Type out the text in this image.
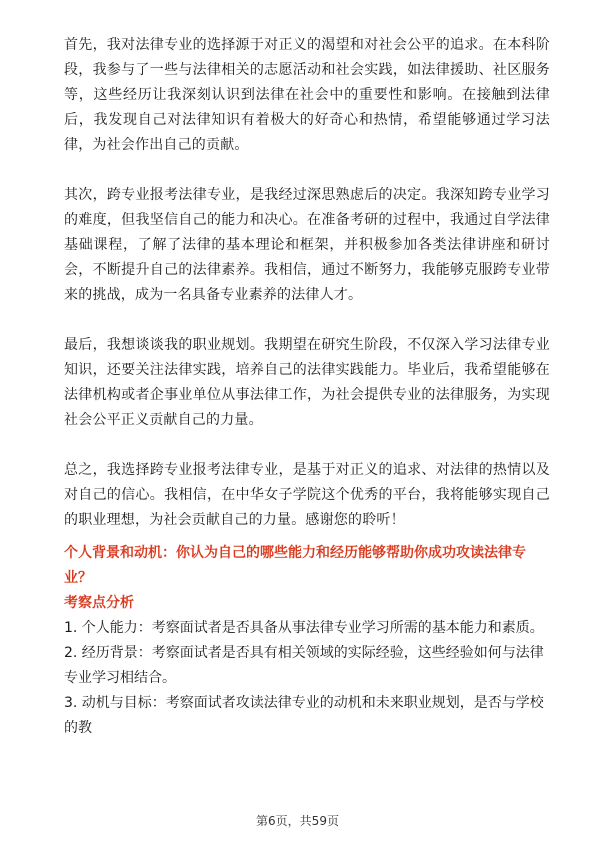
首先，我对法律专业的选择源于对正义的渴望和对社会公平的追求。在本科阶段，我参与了一些与法律相关的志愿活动和社会实践，如法律援助、社区服务等，这些经历让我深刻认识到法律在社会中的重要性和影响。在接触到法律后，我发现自己对法律知识有着极大的好奇心和热情，希望能够通过学习法律，为社会作出自己的贡献。

其次，跨专业报考法律专业，是我经过深思熟虑后的决定。我深知跨专业学习的难度，但我坚信自己的能力和决心。在准备考研的过程中，我通过自学法律基础课程，了解了法律的基本理论和框架，并积极参加各类法律讲座和研讨会，不断提升自己的法律素养。我相信，通过不断努力，我能够克服跨专业带来的挑战，成为一名具备专业素养的法律人才。

最后，我想谈谈我的职业规划。我期望在研究生阶段，不仅深入学习法律专业知识，还要关注法律实践，培养自己的法律实践能力。毕业后，我希望能够在法律机构或者企事业单位从事法律工作，为社会提供专业的法律服务，为实现社会公平正义贡献自己的力量。

总之，我选择跨专业报考法律专业，是基于对正义的追求、对法律的热情以及对自己的信心。我相信，在中华女子学院这个优秀的平台，我将能够实现自己的职业理想，为社会贡献自己的力量。感谢您的聆听！

个人背景和动机：你认为自己的哪些能力和经历能够帮助你成功攻读法律专业？

考察点分析

1. 个人能力：考察面试者是否具备从事法律专业学习所需的基本能力和素质。

2. 经历背景：考察面试者是否具有相关领域的实际经验，这些经验如何与法律专业学习相结合。

3. 动机与目标：考察面试者攻读法律专业的动机和未来职业规划，是否与学校的教

第6页，共59页
